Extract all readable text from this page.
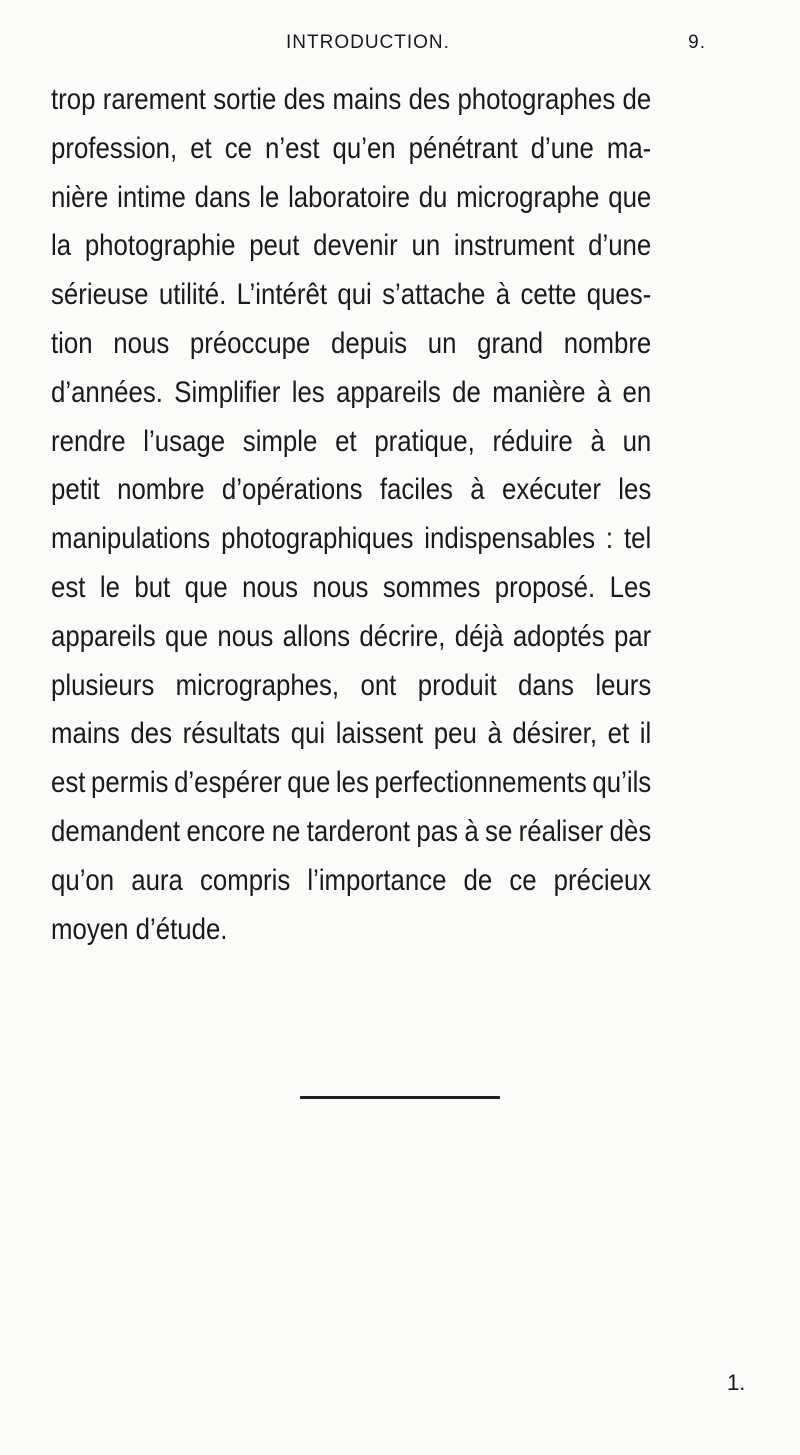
INTRODUCTION.	9.
trop rarement sortie des mains des photographes de
profession, et ce n’est qu’en pénétrant d’une ma-
nière intime dans le laboratoire du micrographe que
la photographie peut devenir un instrument d’une
sérieuse utilité. L’intérêt qui s’attache à cette ques-
tion nous préoccupe depuis un grand nombre
d’années. Simplifier les appareils de manière à en
rendre l’usage simple et pratique, réduire à un
petit nombre d’opérations faciles à exécuter les
manipulations photographiques indispensables : tel
est le but que nous nous sommes proposé. Les
appareils que nous allons décrire, déjà adoptés par
plusieurs micrographes, ont produit dans leurs
mains des résultats qui laissent peu à désirer, et il
est permis d’espérer que les perfectionnements qu’ils
demandent encore ne tarderont pas à se réaliser dès
qu’on aura compris l’importance de ce précieux
moyen d’étude.
1.
